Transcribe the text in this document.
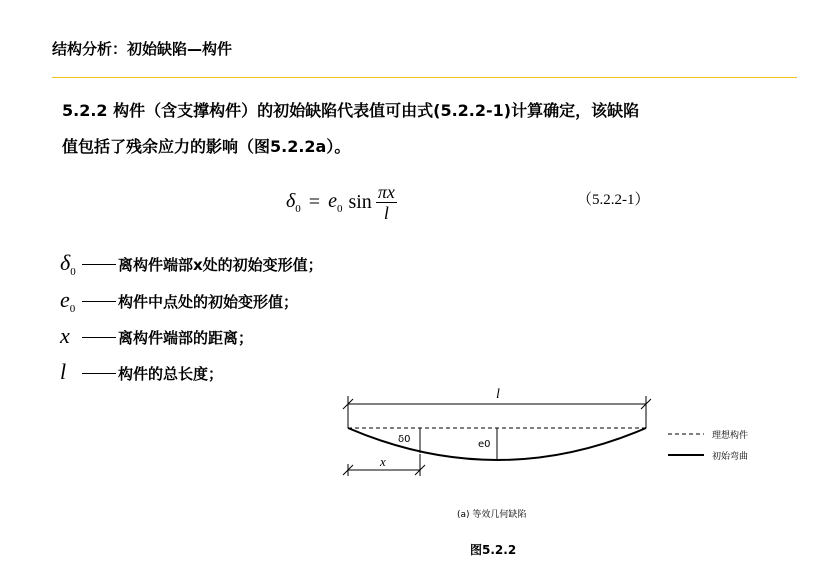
结构分析：初始缺陷—构件
5.2.2 构件（含支撑构件）的初始缺陷代表值可由式(5.2.2-1)计算确定，该缺陷
值包括了残余应力的影响（图5.2.2a）。
$\delta_0 = e_0$ $\sin \frac{\pi x}{l}$	（5.2.2-1）
$\delta_0$	离构件端部x处的初始变形值；
$e_0$	构件中点处的初始变形值；
x	离构件端部的距离；
l	构件的总长度；
l
δ0	e0
x
理想构件
初始弯曲
(a) 等效几何缺陷
图5.2.2
